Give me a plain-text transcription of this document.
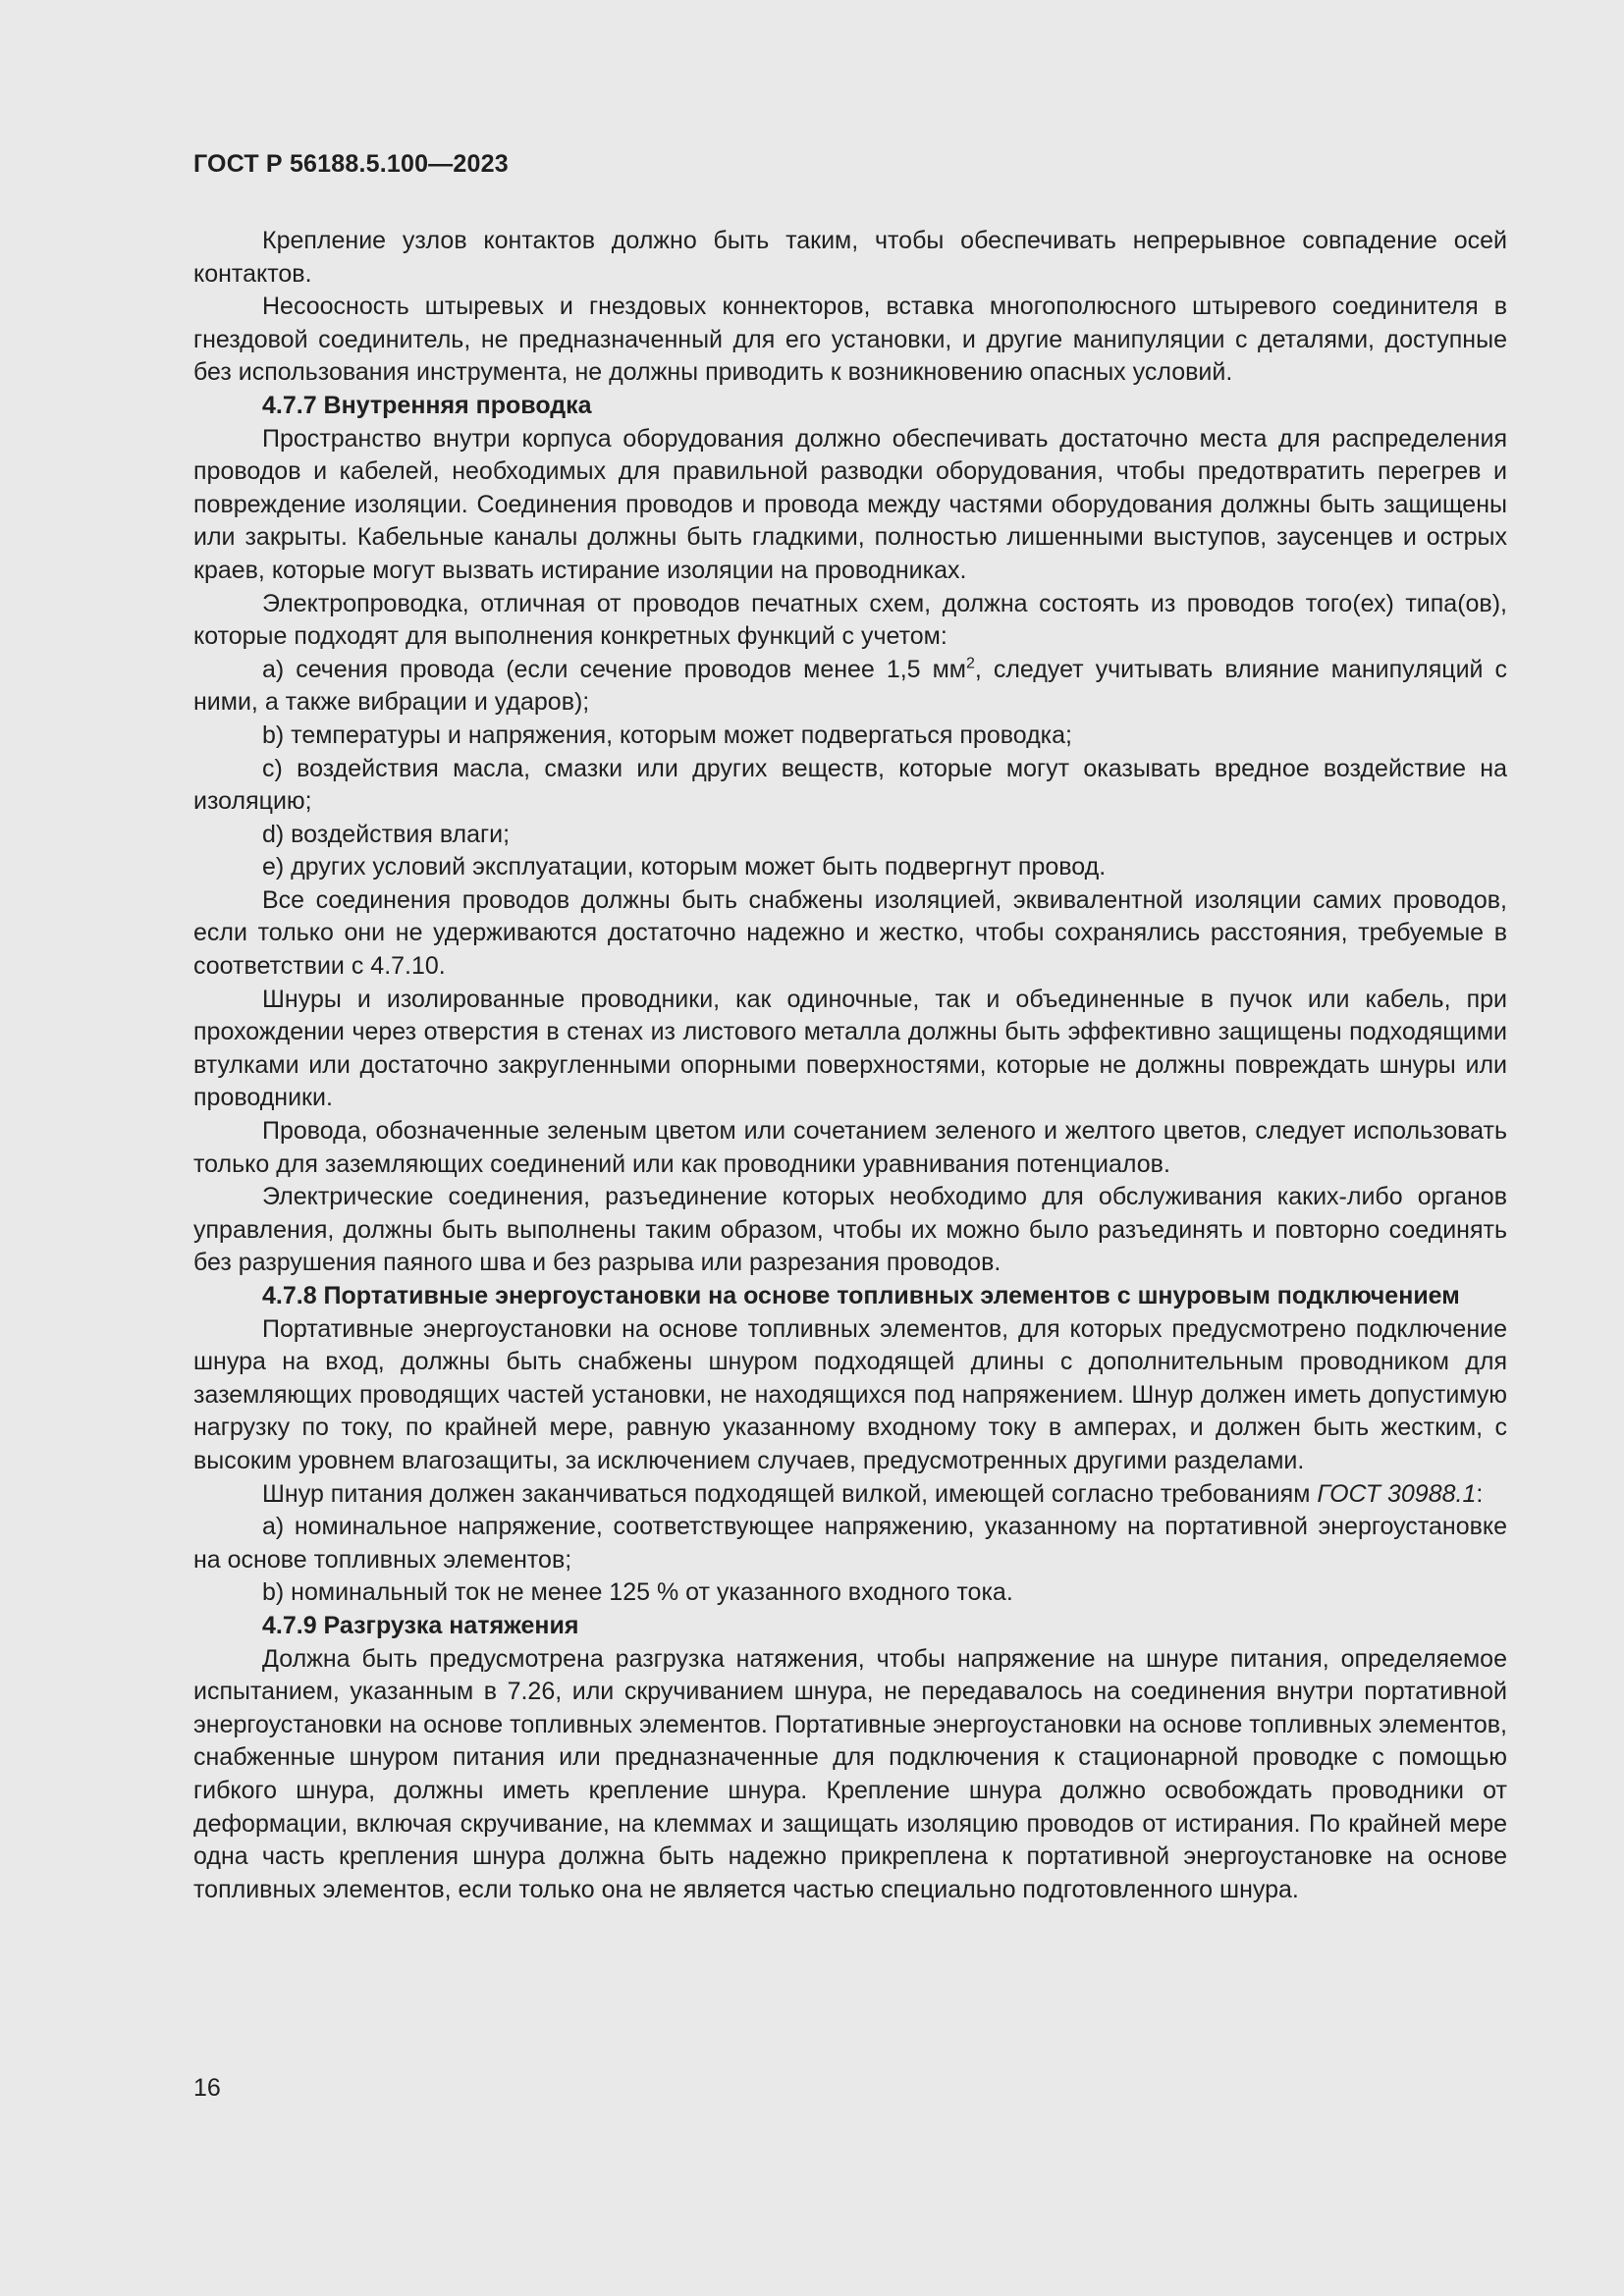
ГОСТ Р 56188.5.100—2023

Крепление узлов контактов должно быть таким, чтобы обеспечивать непрерывное совпадение осей контактов.

Несоосность штыревых и гнездовых коннекторов, вставка многополюсного штыревого соединителя в гнездовой соединитель, не предназначенный для его установки, и другие манипуляции с деталями, доступные без использования инструмента, не должны приводить к возникновению опасных условий.

4.7.7 Внутренняя проводка

Пространство внутри корпуса оборудования должно обеспечивать достаточно места для распределения проводов и кабелей, необходимых для правильной разводки оборудования, чтобы предотвратить перегрев и повреждение изоляции. Соединения проводов и провода между частями оборудования должны быть защищены или закрыты. Кабельные каналы должны быть гладкими, полностью лишенными выступов, заусенцев и острых краев, которые могут вызвать истирание изоляции на проводниках.

Электропроводка, отличная от проводов печатных схем, должна состоять из проводов того(ех) типа(ов), которые подходят для выполнения конкретных функций с учетом:

а) сечения провода (если сечение проводов менее 1,5 $мм^2$, следует учитывать влияние манипуляций с ними, а также вибрации и ударов);

b) температуры и напряжения, которым может подвергаться проводка;

c) воздействия масла, смазки или других веществ, которые могут оказывать вредное воздействие на изоляцию;

d) воздействия влаги;

e) других условий эксплуатации, которым может быть подвергнут провод.

Все соединения проводов должны быть снабжены изоляцией, эквивалентной изоляции самих проводов, если только они не удерживаются достаточно надежно и жестко, чтобы сохранялись расстояния, требуемые в соответствии с 4.7.10.

Шнуры и изолированные проводники, как одиночные, так и объединенные в пучок или кабель, при прохождении через отверстия в стенах из листового металла должны быть эффективно защищены подходящими втулками или достаточно закругленными опорными поверхностями, которые не должны повреждать шнуры или проводники.

Провода, обозначенные зеленым цветом или сочетанием зеленого и желтого цветов, следует использовать только для заземляющих соединений или как проводники уравнивания потенциалов.

Электрические соединения, разъединение которых необходимо для обслуживания каких-либо органов управления, должны быть выполнены таким образом, чтобы их можно было разъединять и повторно соединять без разрушения паяного шва и без разрыва или разрезания проводов.

4.7.8 Портативные энергоустановки на основе топливных элементов с шнуровым подключением

Портативные энергоустановки на основе топливных элементов, для которых предусмотрено подключение шнура на вход, должны быть снабжены шнуром подходящей длины с дополнительным проводником для заземляющих проводящих частей установки, не находящихся под напряжением. Шнур должен иметь допустимую нагрузку по току, по крайней мере, равную указанному входному току в амперах, и должен быть жестким, с высоким уровнем влагозащиты, за исключением случаев, предусмотренных другими разделами.

Шнур питания должен заканчиваться подходящей вилкой, имеющей согласно требованиям ГОСТ 30988.1:

a) номинальное напряжение, соответствующее напряжению, указанному на портативной энергоустановке на основе топливных элементов;

b) номинальный ток не менее 125 % от указанного входного тока.

4.7.9 Разгрузка натяжения

Должна быть предусмотрена разгрузка натяжения, чтобы напряжение на шнуре питания, определяемое испытанием, указанным в 7.26, или скручиванием шнура, не передавалось на соединения внутри портативной энергоустановки на основе топливных элементов. Портативные энергоустановки на основе топливных элементов, снабженные шнуром питания или предназначенные для подключения к стационарной проводке с помощью гибкого шнура, должны иметь крепление шнура. Крепление шнура должно освобождать проводники от деформации, включая скручивание, на клеммах и защищать изоляцию проводов от истирания. По крайней мере одна часть крепления шнура должна быть надежно прикреплена к портативной энергоустановке на основе топливных элементов, если только она не является частью специально подготовленного шнура.

16
